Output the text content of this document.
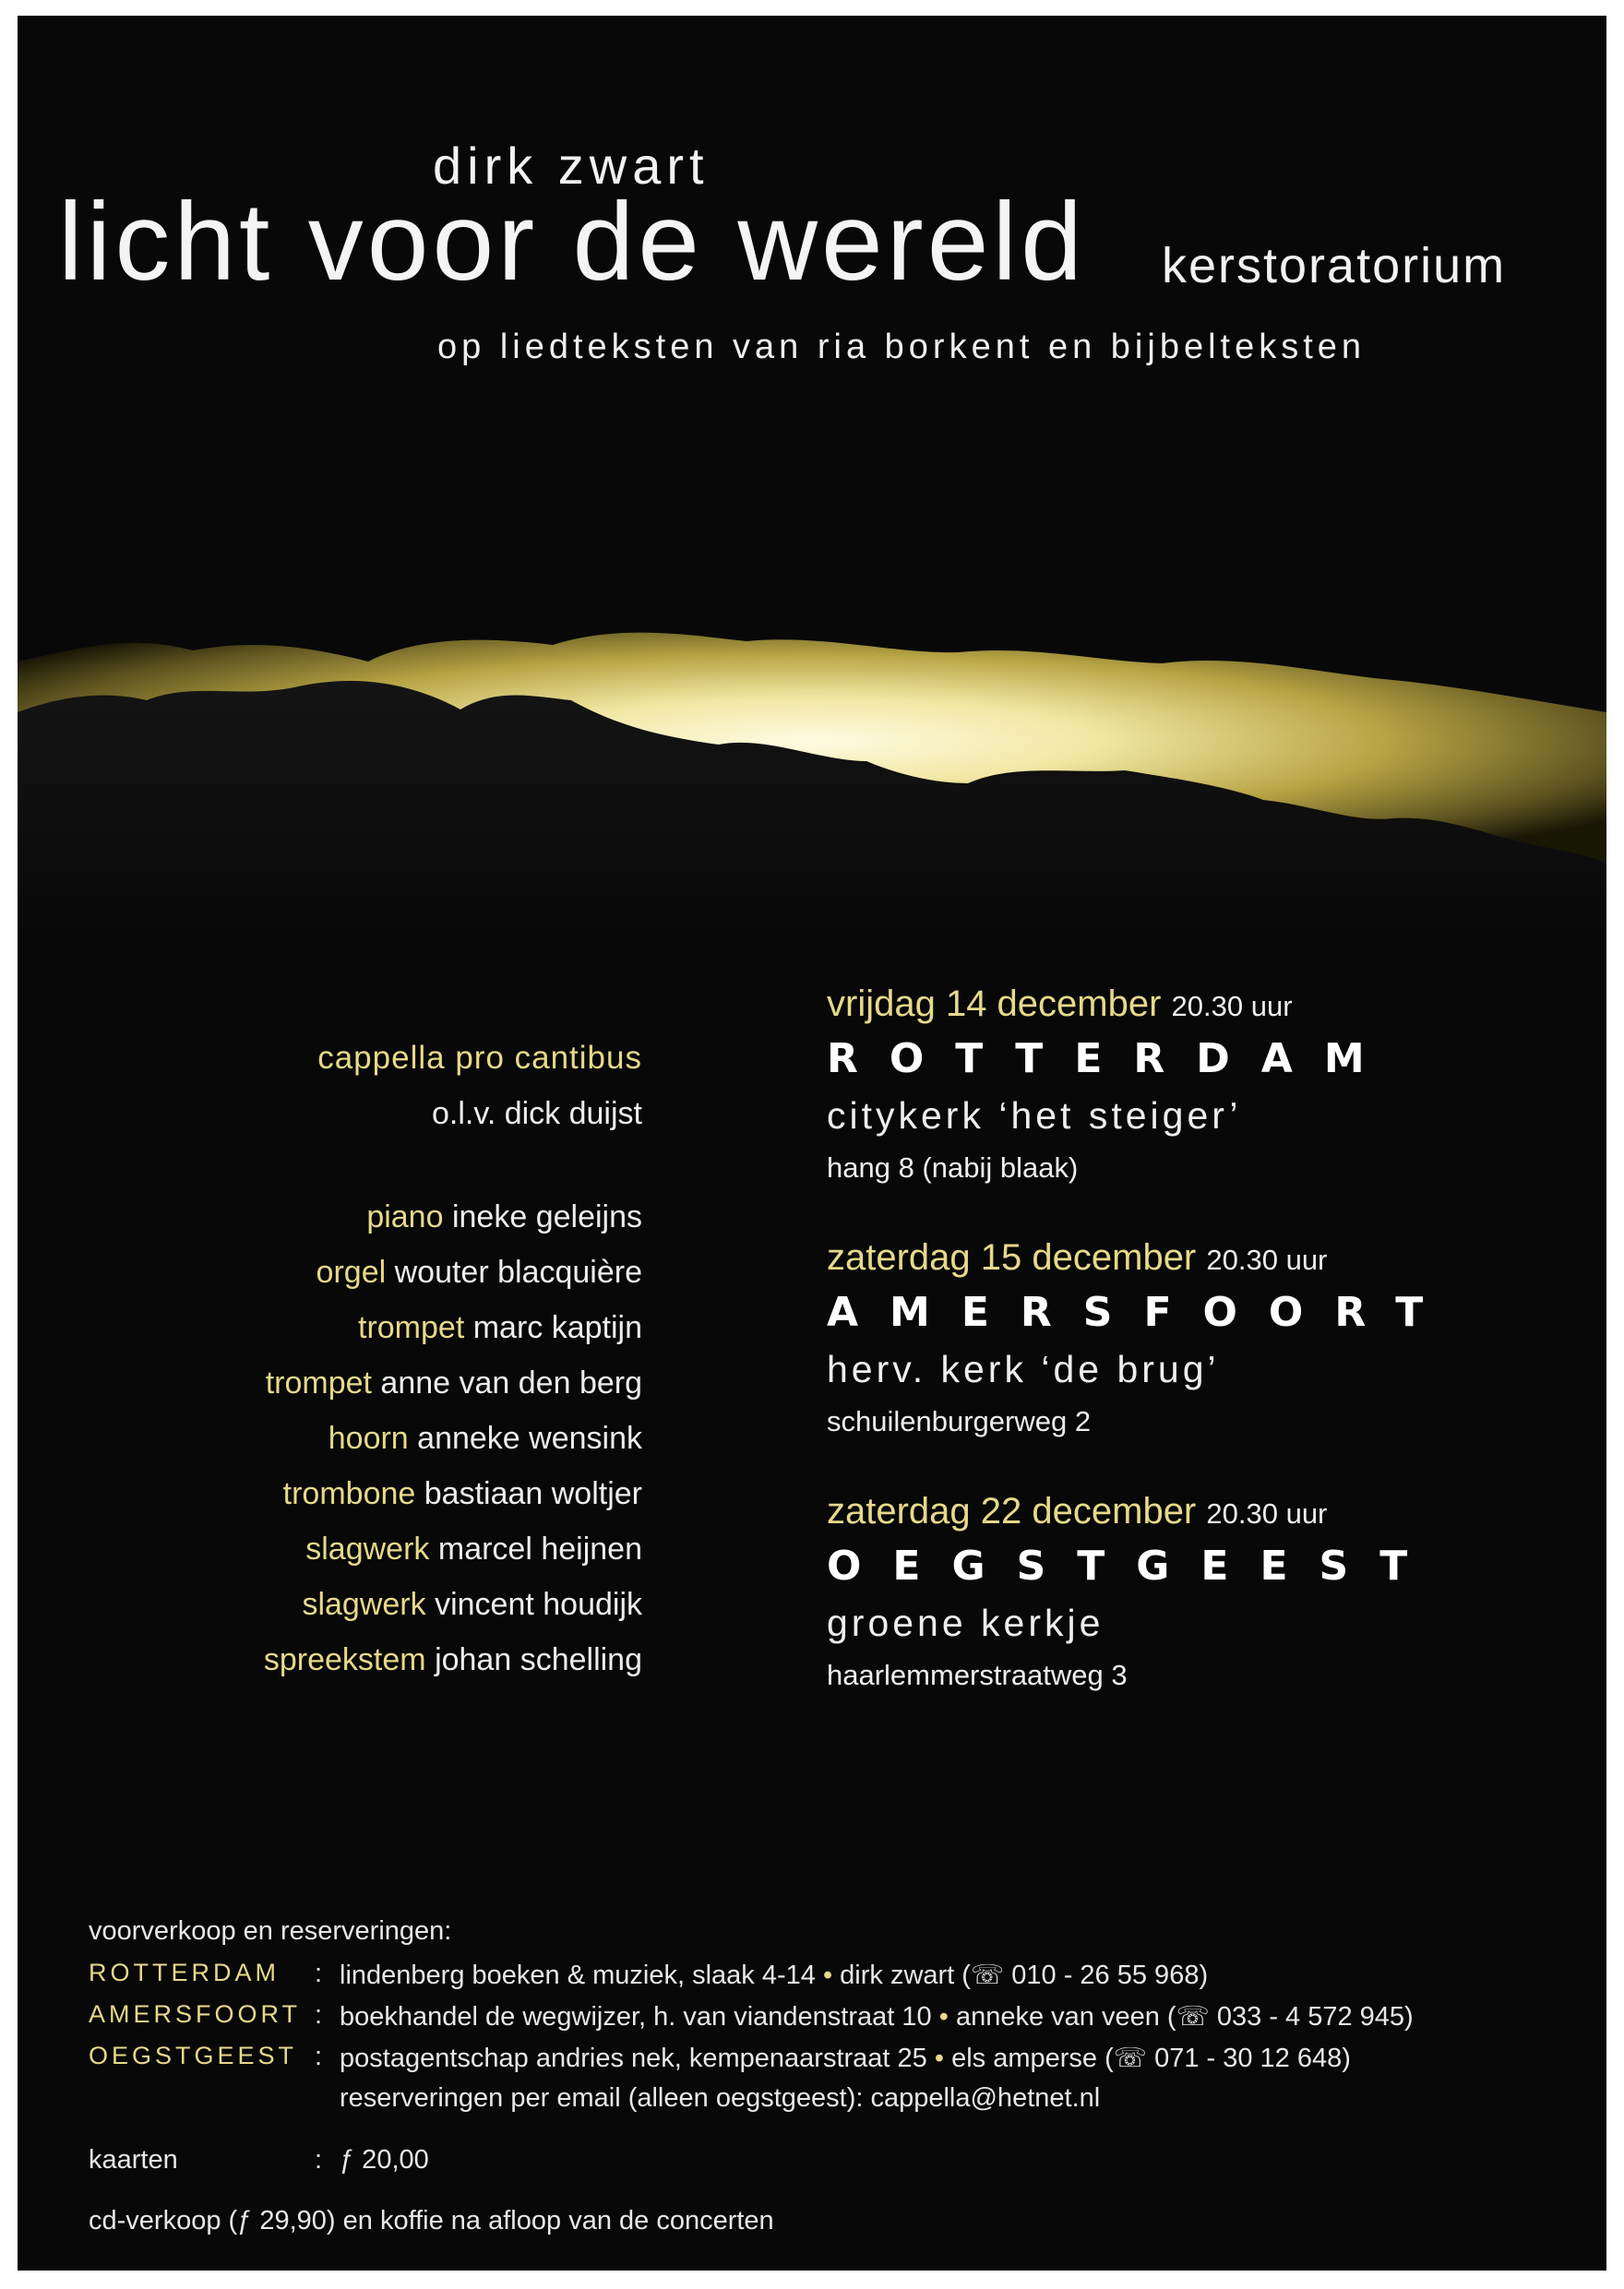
dirk zwart
licht voor de wereld kerstoratorium
op liedteksten van ria borkent en bijbelteksten
cappella pro cantibus
o.l.v. dick duijst
piano ineke geleijns
orgel wouter blacquière
trompet marc kaptijn
trompet anne van den berg
hoorn anneke wensink
trombone bastiaan woltjer
slagwerk marcel heijnen
slagwerk vincent houdijk
spreekstem johan schelling
vrijdag 14 december 20.30 uur
ROTTERDAM
citykerk ‘het steiger’
hang 8 (nabij blaak)
zaterdag 15 december 20.30 uur
AMERSFOORT
herv. kerk ‘de brug’
schuilenburgerweg 2
zaterdag 22 december 20.30 uur
OEGSTGEEST
groene kerkje
haarlemmerstraatweg 3
voorverkoop en reserveringen:
ROTTERDAM : lindenberg boeken & muziek, slaak 4-14 • dirk zwart (☏ 010 - 26 55 968)
AMERSFOORT : boekhandel de wegwijzer, h. van viandenstraat 10 • anneke van veen (☏ 033 - 4 572 945)
OEGSTGEEST : postagentschap andries nek, kempenaarstraat 25 • els amperse (☏ 071 - 30 12 648)
reserveringen per email (alleen oegstgeest): cappella@hetnet.nl
kaarten	: ƒ 20,00
cd-verkoop (ƒ 29,90) en koffie na afloop van de concerten
